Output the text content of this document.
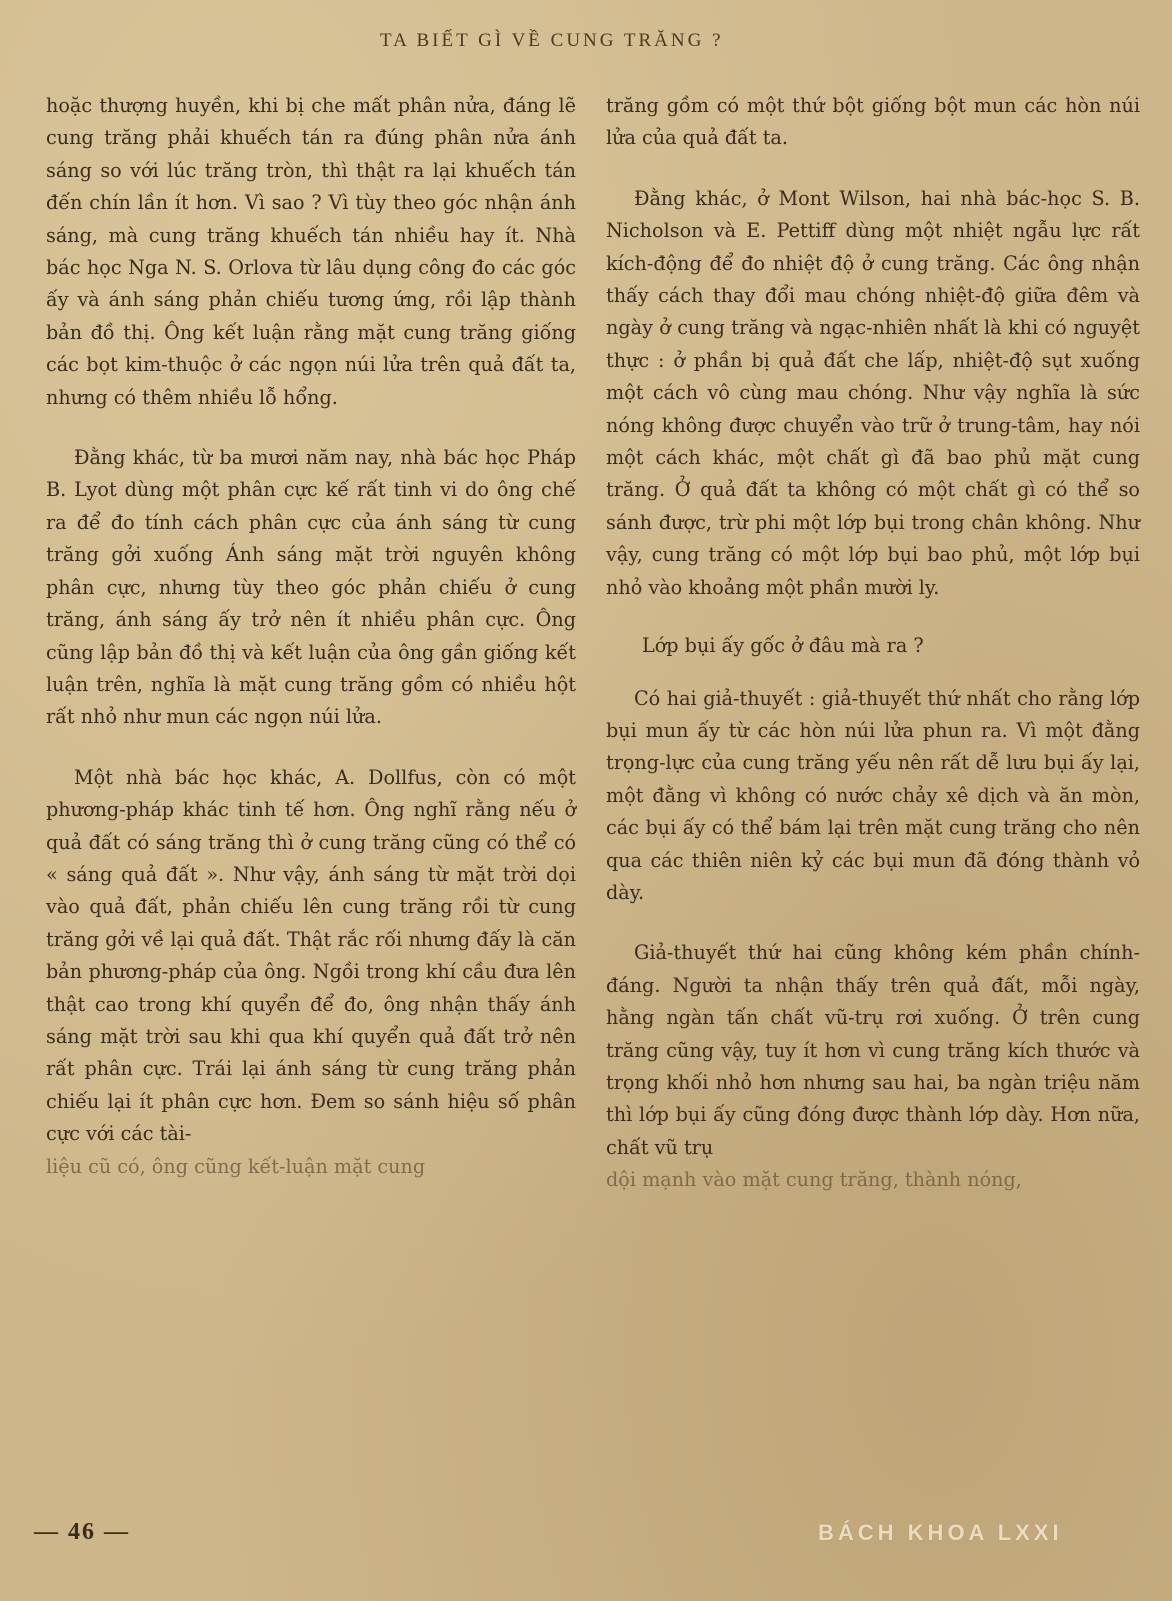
TA BIẾT GÌ VỀ CUNG TRĂNG ?

hoặc thượng huyền, khi bị che mất phân nửa, đáng lẽ cung trăng phải khuếch tán ra đúng phân nửa ánh sáng so với lúc trăng tròn, thì thật ra lại khuếch tán đến chín lần ít hơn. Vì sao ? Vì tùy theo góc nhận ánh sáng, mà cung trăng khuếch tán nhiều hay ít. Nhà bác học Nga N. S. Orlova từ lâu dụng công đo các góc ấy và ánh sáng phản chiếu tương ứng, rồi lập thành bản đồ thị. Ông kết luận rằng mặt cung trăng giống các bọt kim-thuộc ở các ngọn núi lửa trên quả đất ta, nhưng có thêm nhiều lỗ hổng.

Đằng khác, từ ba mươi năm nay, nhà bác học Pháp B. Lyot dùng một phân cực kế rất tinh vi do ông chế ra để đo tính cách phân cực của ánh sáng từ cung trăng gởi xuống Ánh sáng mặt trời nguyên không phân cực, nhưng tùy theo góc phản chiếu ở cung trăng, ánh sáng ấy trở nên ít nhiều phân cực. Ông cũng lập bản đồ thị và kết luận của ông gần giống kết luận trên, nghĩa là mặt cung trăng gồm có nhiều hột rất nhỏ như mun các ngọn núi lửa.

Một nhà bác học khác, A. Dollfus, còn có một phương-pháp khác tinh tế hơn. Ông nghĩ rằng nếu ở quả đất có sáng trăng thì ở cung trăng cũng có thể có « sáng quả đất ». Như vậy, ánh sáng từ mặt trời dọi vào quả đất, phản chiếu lên cung trăng rồi từ cung trăng gởi về lại quả đất. Thật rắc rối nhưng đấy là căn bản phương-pháp của ông. Ngồi trong khí cầu đưa lên thật cao trong khí quyển để đo, ông nhận thấy ánh sáng mặt trời sau khi qua khí quyển quả đất trở nên rất phân cực. Trái lại ánh sáng từ cung trăng phản chiếu lại ít phân cực hơn. Đem so sánh hiệu số phân cực với các tài-

liệu cũ có, ông cũng kết-luận mặt cung

trăng gồm có một thứ bột giống bột mun các hòn núi lửa của quả đất ta.

Đằng khác, ở Mont Wilson, hai nhà bác-học S. B. Nicholson và E. Pettiff dùng một nhiệt ngẫu lực rất kích-động để đo nhiệt độ ở cung trăng. Các ông nhận thấy cách thay đổi mau chóng nhiệt-độ giữa đêm và ngày ở cung trăng và ngạc-nhiên nhất là khi có nguyệt thực : ở phần bị quả đất che lấp, nhiệt-độ sụt xuống một cách vô cùng mau chóng. Như vậy nghĩa là sức nóng không được chuyển vào trữ ở trung-tâm, hay nói một cách khác, một chất gì đã bao phủ mặt cung trăng. Ở quả đất ta không có một chất gì có thể so sánh được, trừ phi một lớp bụi trong chân không. Như vậy, cung trăng có một lớp bụi bao phủ, một lớp bụi nhỏ vào khoảng một phần mười ly.

Lớp bụi ấy gốc ở đâu mà ra ?

Có hai giả-thuyết : giả-thuyết thứ nhất cho rằng lớp bụi mun ấy từ các hòn núi lửa phun ra. Vì một đằng trọng-lực của cung trăng yếu nên rất dễ lưu bụi ấy lại, một đằng vì không có nước chảy xê dịch và ăn mòn, các bụi ấy có thể bám lại trên mặt cung trăng cho nên qua các thiên niên kỷ các bụi mun đã đóng thành vỏ dày.

Giả-thuyết thứ hai cũng không kém phần chính-đáng. Người ta nhận thấy trên quả đất, mỗi ngày, hằng ngàn tấn chất vũ-trụ rơi xuống. Ở trên cung trăng cũng vậy, tuy ít hơn vì cung trăng kích thước và trọng khối nhỏ hơn nhưng sau hai, ba ngàn triệu năm thì lớp bụi ấy cũng đóng được thành lớp dày. Hơn nữa, chất vũ trụ

dội mạnh vào mặt cung trăng, thành nóng,

— 46 —	BÁCH KHOA LXXI
